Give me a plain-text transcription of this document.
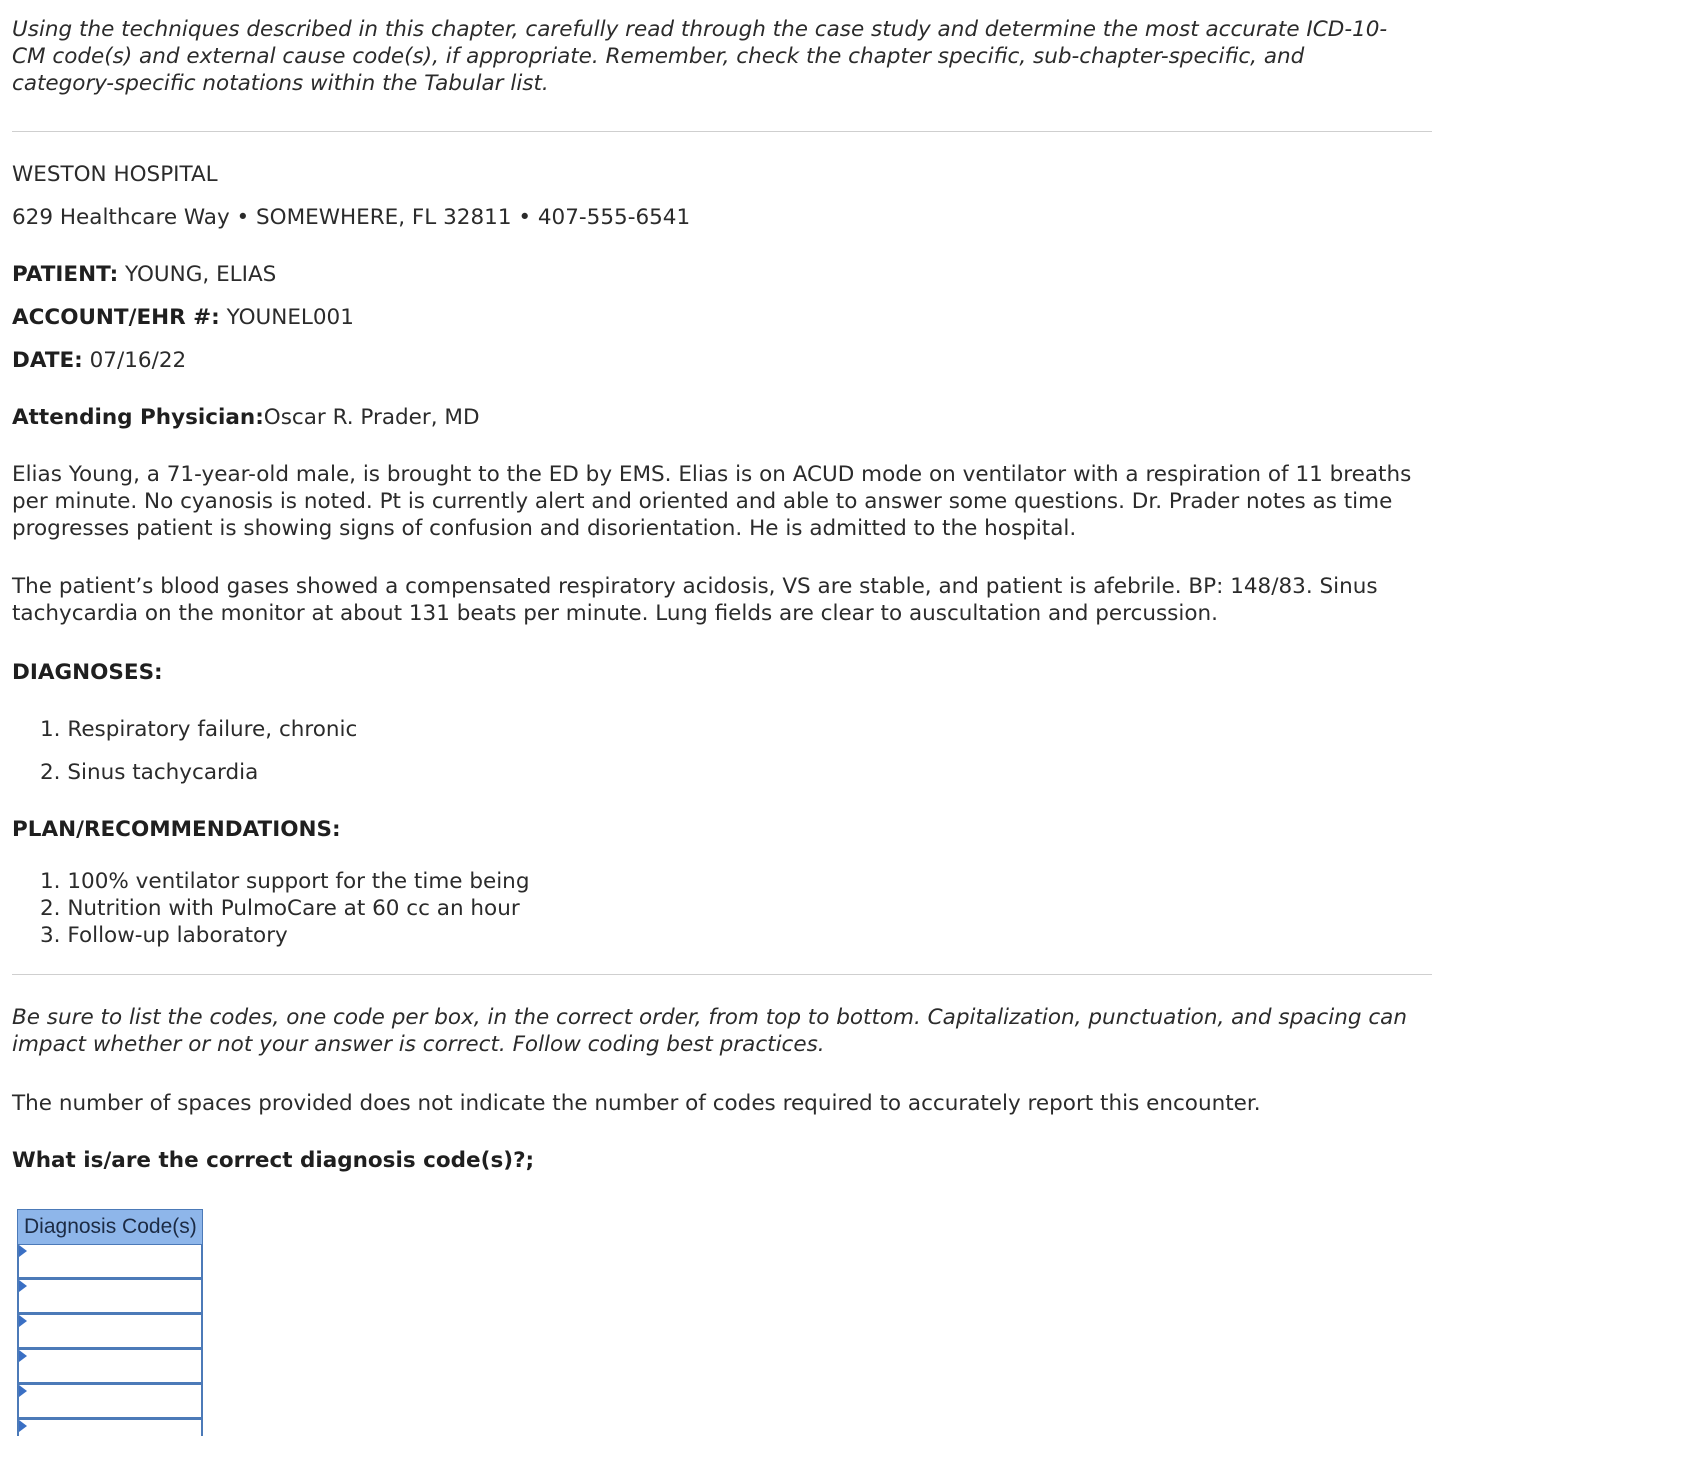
Using the techniques described in this chapter, carefully read through the case study and determine the most accurate ICD-10-CM code(s) and external cause code(s), if appropriate. Remember, check the chapter specific, sub-chapter-specific, and category-specific notations within the Tabular list.

WESTON HOSPITAL
629 Healthcare Way • SOMEWHERE, FL 32811 • 407-555-6541
PATIENT: YOUNG, ELIAS
ACCOUNT/EHR #: YOUNEL001
DATE: 07/16/22
Attending Physician:Oscar R. Prader, MD

Elias Young, a 71-year-old male, is brought to the ED by EMS. Elias is on ACUD mode on ventilator with a respiration of 11 breaths per minute. No cyanosis is noted. Pt is currently alert and oriented and able to answer some questions. Dr. Prader notes as time progresses patient is showing signs of confusion and disorientation. He is admitted to the hospital.

The patient’s blood gases showed a compensated respiratory acidosis, VS are stable, and patient is afebrile. BP: 148/83. Sinus tachycardia on the monitor at about 131 beats per minute. Lung fields are clear to auscultation and percussion.

DIAGNOSES:
1. Respiratory failure, chronic
2. Sinus tachycardia
PLAN/RECOMMENDATIONS:
1. 100% ventilator support for the time being
2. Nutrition with PulmoCare at 60 cc an hour
3. Follow-up laboratory

Be sure to list the codes, one code per box, in the correct order, from top to bottom. Capitalization, punctuation, and spacing can impact whether or not your answer is correct. Follow coding best practices.

The number of spaces provided does not indicate the number of codes required to accurately report this encounter.

What is/are the correct diagnosis code(s)?;

Diagnosis Code(s)
